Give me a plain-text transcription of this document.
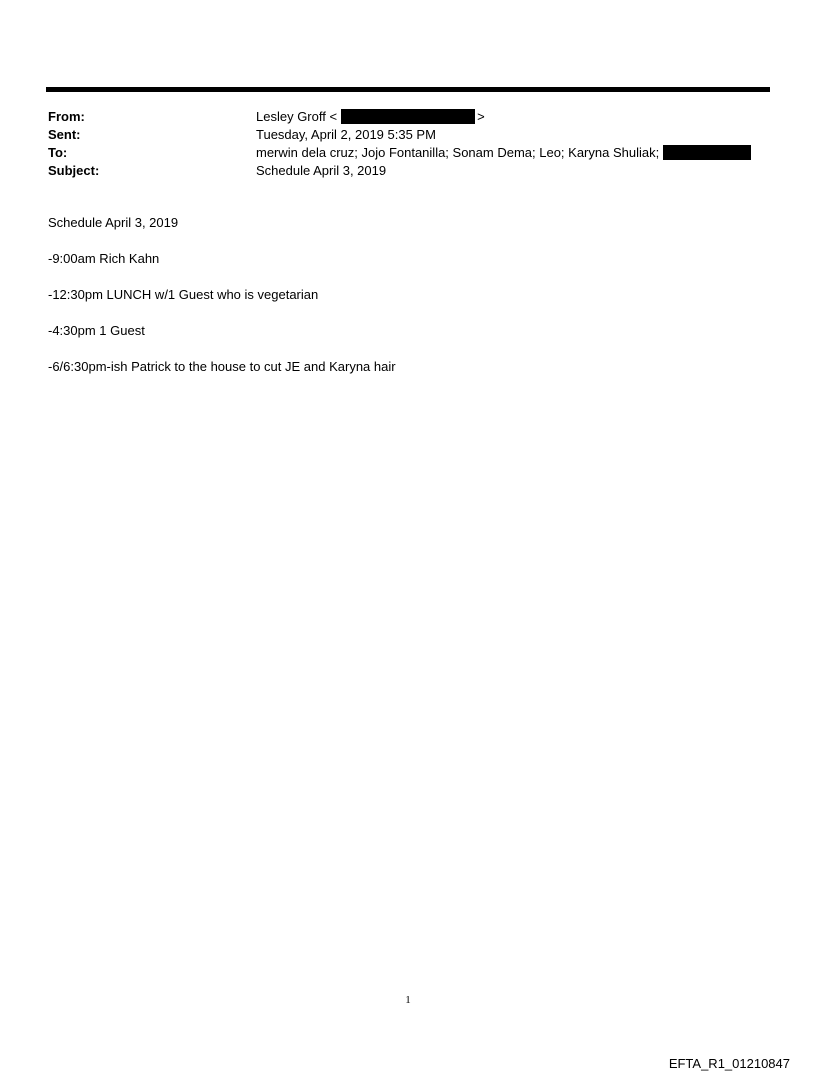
From:	Lesley Groff <	>
Sent:	Tuesday, April 2, 2019 5:35 PM
To:	merwin dela cruz; Jojo Fontanilla; Sonam Dema; Leo; Karyna Shuliak;
Subject:	Schedule April 3, 2019

Schedule April 3, 2019

-9:00am Rich Kahn

-12:30pm LUNCH w/1 Guest who is vegetarian

-4:30pm 1 Guest

-6/6:30pm-ish Patrick to the house to cut JE and Karyna hair

1
EFTA_R1_01210847
